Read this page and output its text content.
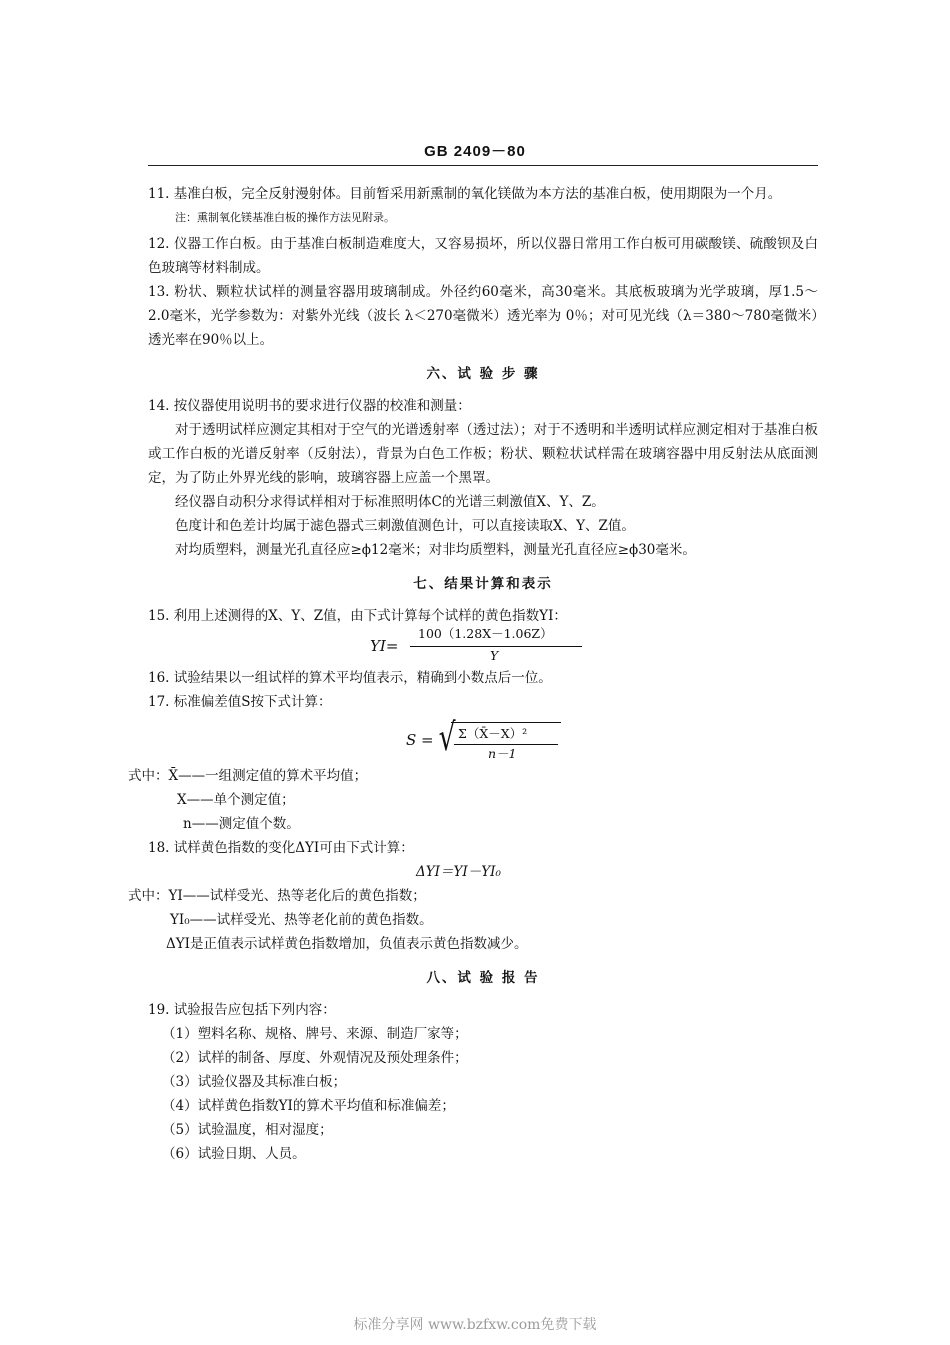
GB 2409－80

11. 基准白板，完全反射漫射体。目前暂采用新熏制的氧化镁做为本方法的基准白板，使用期限为一个月。

注：熏制氧化镁基准白板的操作方法见附录。

12. 仪器工作白板。由于基准白板制造难度大，又容易损坏，所以仪器日常用工作白板可用碳酸镁、硫酸钡及白色玻璃等材料制成。

13. 粉状、颗粒状试样的测量容器用玻璃制成。外径约60毫米，高30毫米。其底板玻璃为光学玻璃，厚1.5～2.0毫米，光学参数为：对紫外光线（波长 λ＜270毫微米）透光率为 0％；对可见光线（λ＝380～780毫微米）透光率在90％以上。

六、试 验 步 骤

14. 按仪器使用说明书的要求进行仪器的校准和测量：

对于透明试样应测定其相对于空气的光谱透射率（透过法）；对于不透明和半透明试样应测定相对于基准白板或工作白板的光谱反射率（反射法），背景为白色工作板；粉状、颗粒状试样需在玻璃容器中用反射法从底面测定，为了防止外界光线的影响，玻璃容器上应盖一个黑罩。

经仪器自动积分求得试样相对于标准照明体C的光谱三刺激值X、Y、Z。

色度计和色差计均属于滤色器式三刺激值测色计，可以直接读取X、Y、Z值。

对均质塑料，测量光孔直径应≥ϕ12毫米；对非均质塑料，测量光孔直径应≥ϕ30毫米。

七、结果计算和表示

15. 利用上述测得的X、Y、Z值，由下式计算每个试样的黄色指数YI：

YI=
100（1.28X－1.06Z）
Y

16. 试验结果以一组试样的算术平均值表示，精确到小数点后一位。

17. 标准偏差值S按下式计算：

S = √ Σ（X̄－X）²
n－1

式中：X̄——一组测定值的算术平均值；

X——单个测定值；

n——测定值个数。

18. 试样黄色指数的变化ΔYI可由下式计算：

ΔYI＝YI－YI₀

式中：YI——试样受光、热等老化后的黄色指数；

YI₀——试样受光、热等老化前的黄色指数。

ΔYI是正值表示试样黄色指数增加，负值表示黄色指数减少。

八、试 验 报 告

19. 试验报告应包括下列内容：

（1）塑料名称、规格、牌号、来源、制造厂家等；

（2）试样的制备、厚度、外观情况及预处理条件；

（3）试验仪器及其标准白板；

（4）试样黄色指数YI的算术平均值和标准偏差；

（5）试验温度，相对湿度；

（6）试验日期、人员。

标准分享网 www.bzfxw.com免费下载
